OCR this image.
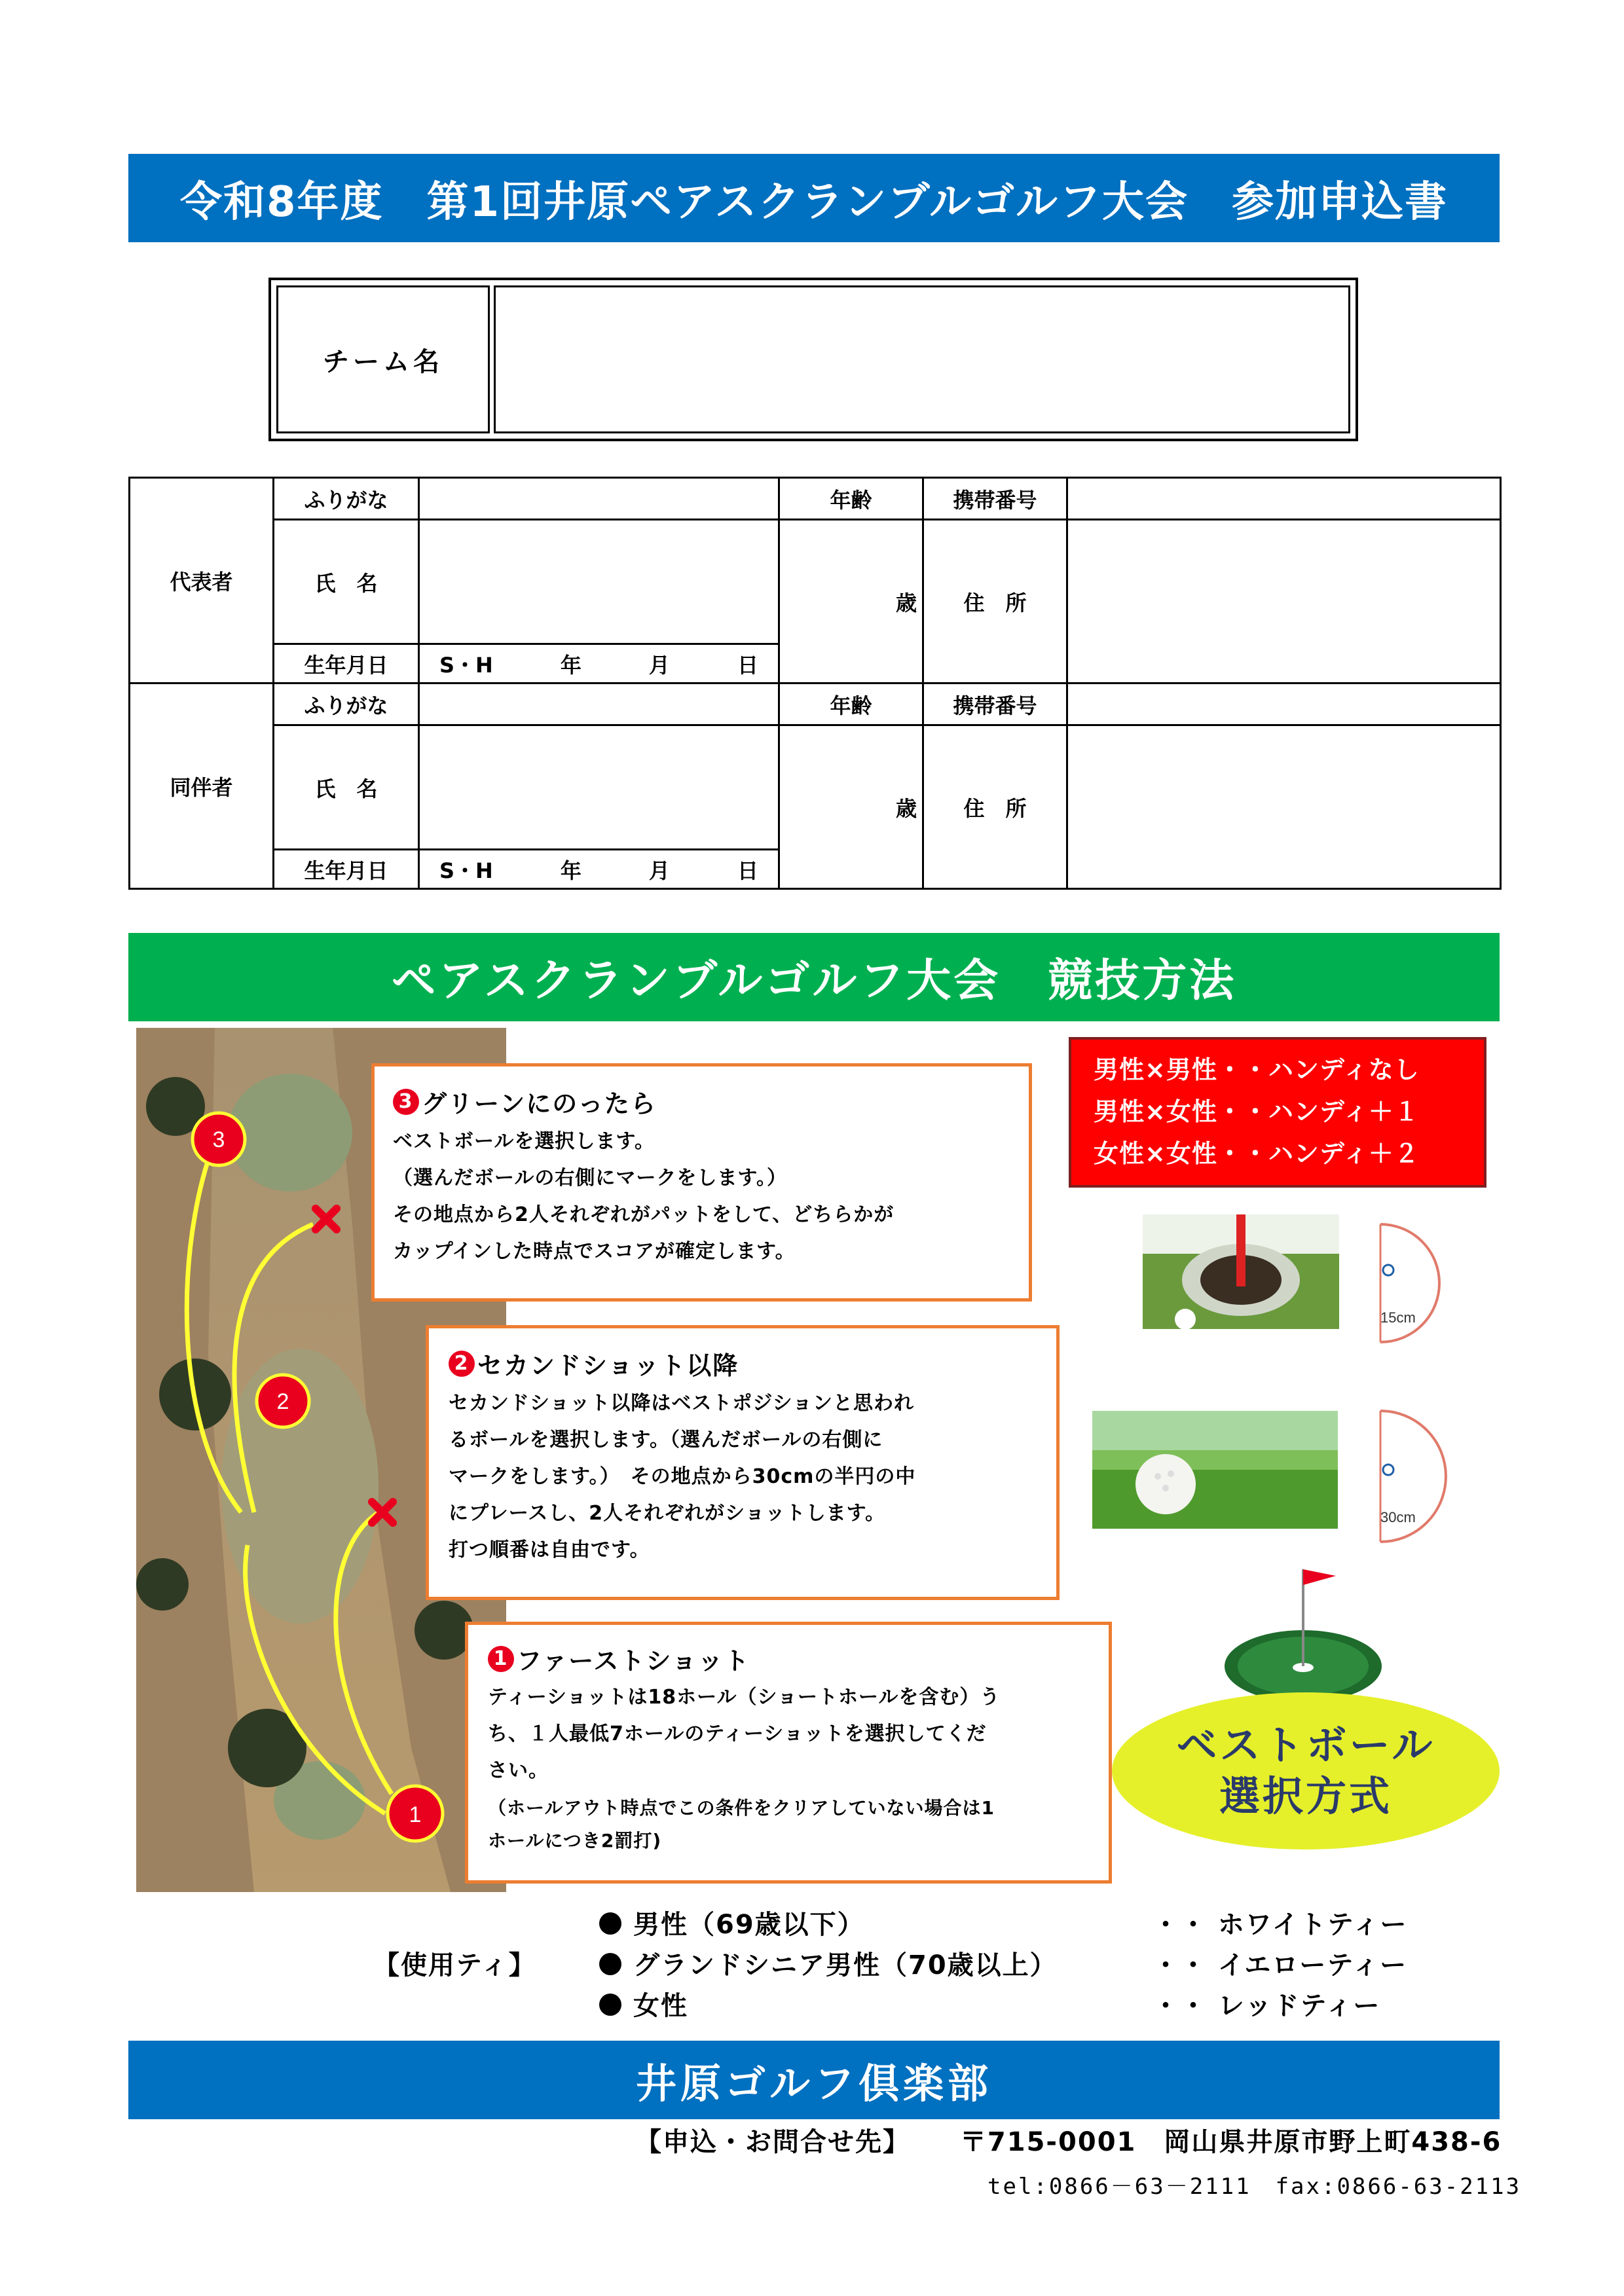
令和8年度　第1回井原ペアスクランブルゴルフ大会　参加申込書
チーム名
代表者	ふりがな		年齢	携帯番号	
	氏　名		歳	住　所	
	生年月日	S・H 年 月 日			

同伴者	ふりがな		年齢	携帯番号	
	氏　名		歳	住　所	
	生年月日	S・H 年 月 日			
ペアスクランブルゴルフ大会　競技方法
3
2
1
3 グリーンにのったら

ベストボールを選択します。

（選んだボールの右側にマークをします。）

その地点から2人それぞれがパットをして、どちらかが

カップインした時点でスコアが確定します。

2 セカンドショット以降

セカンドショット以降はベストポジションと思われ

るボールを選択します。（選んだボールの右側に

マークをします。）　その地点から30cmの半円の中

にプレースし、2人それぞれがショットします。

打つ順番は自由です。

1 ファーストショット

ティーショットは18ホール（ショートホールを含む）う

ち、１人最低7ホールのティーショットを選択してくだ

さい。

（ホールアウト時点でこの条件をクリアしていない場合は1

ホールにつき2罰打)

男性×男性・・ハンディなし
男性×女性・・ハンディ＋１
女性×女性・・ハンディ＋２
15cm
30cm
ベストボール
選択方式
【使用ティ】
男性（69歳以下）
グランドシニア男性（70歳以上）
女性
・・ ホワイトティー
・・ イエローティー
・・ レッドティー
井原ゴルフ倶楽部
【申込・お問合せ先】 〒715-0001　岡山県井原市野上町438-6
tel:0866－63－2111　fax:0866-63-2113
